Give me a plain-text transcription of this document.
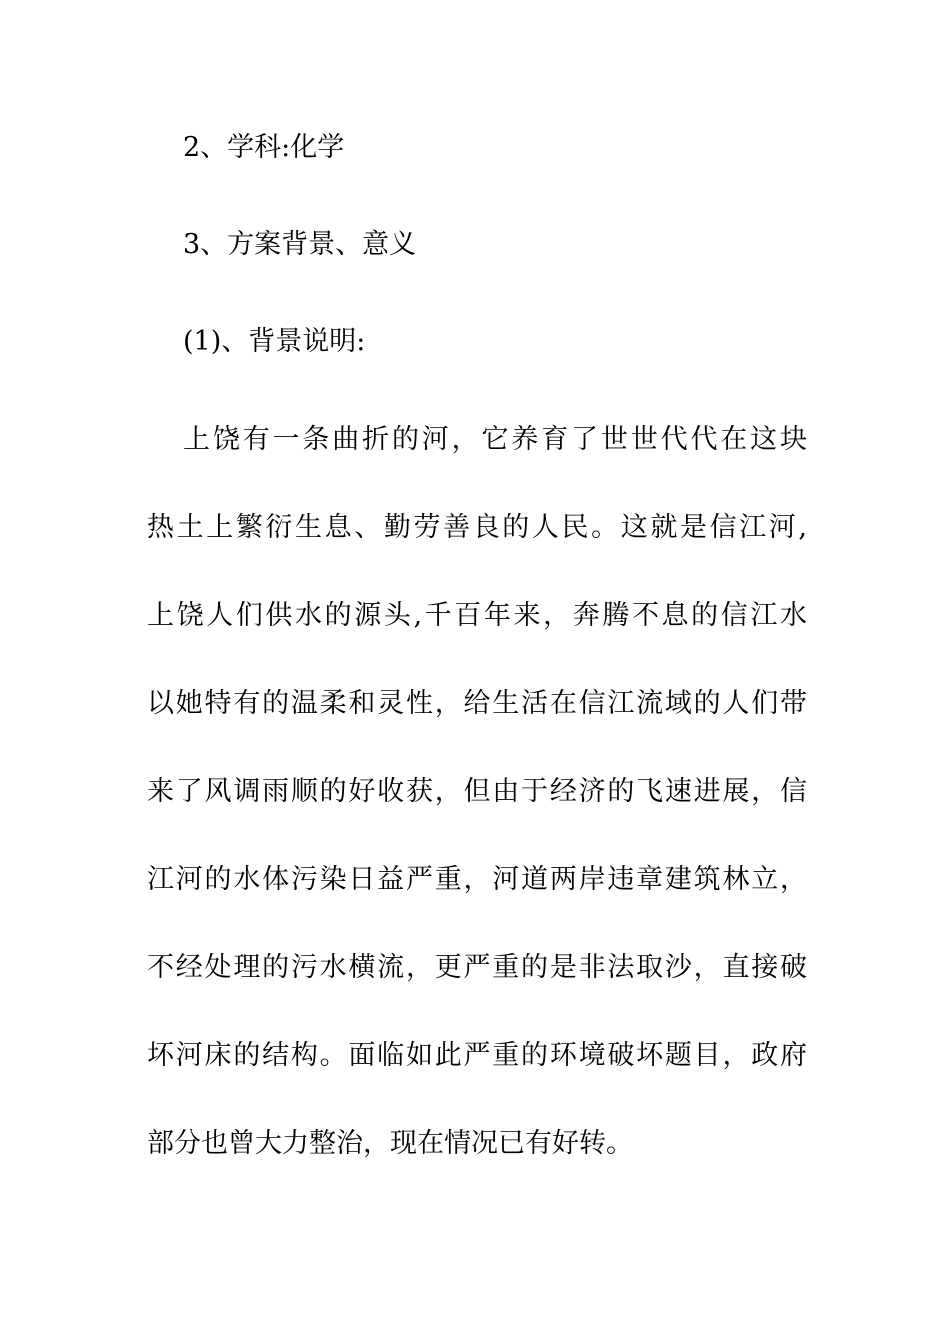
2、学科:化学
3、方案背景、意义
(1)、背景说明:
上饶有一条曲折的河，它养育了世世代代在这块
热土上繁衍生息、勤劳善良的人民。这就是信江河,
上饶人们供水的源头,千百年来，奔腾不息的信江水
以她特有的温柔和灵性，给生活在信江流域的人们带
来了风调雨顺的好收获，但由于经济的飞速进展，信
江河的水体污染日益严重，河道两岸违章建筑林立，
不经处理的污水横流，更严重的是非法取沙，直接破
坏河床的结构。面临如此严重的环境破坏题目，政府
部分也曾大力整治，现在情况已有好转。
